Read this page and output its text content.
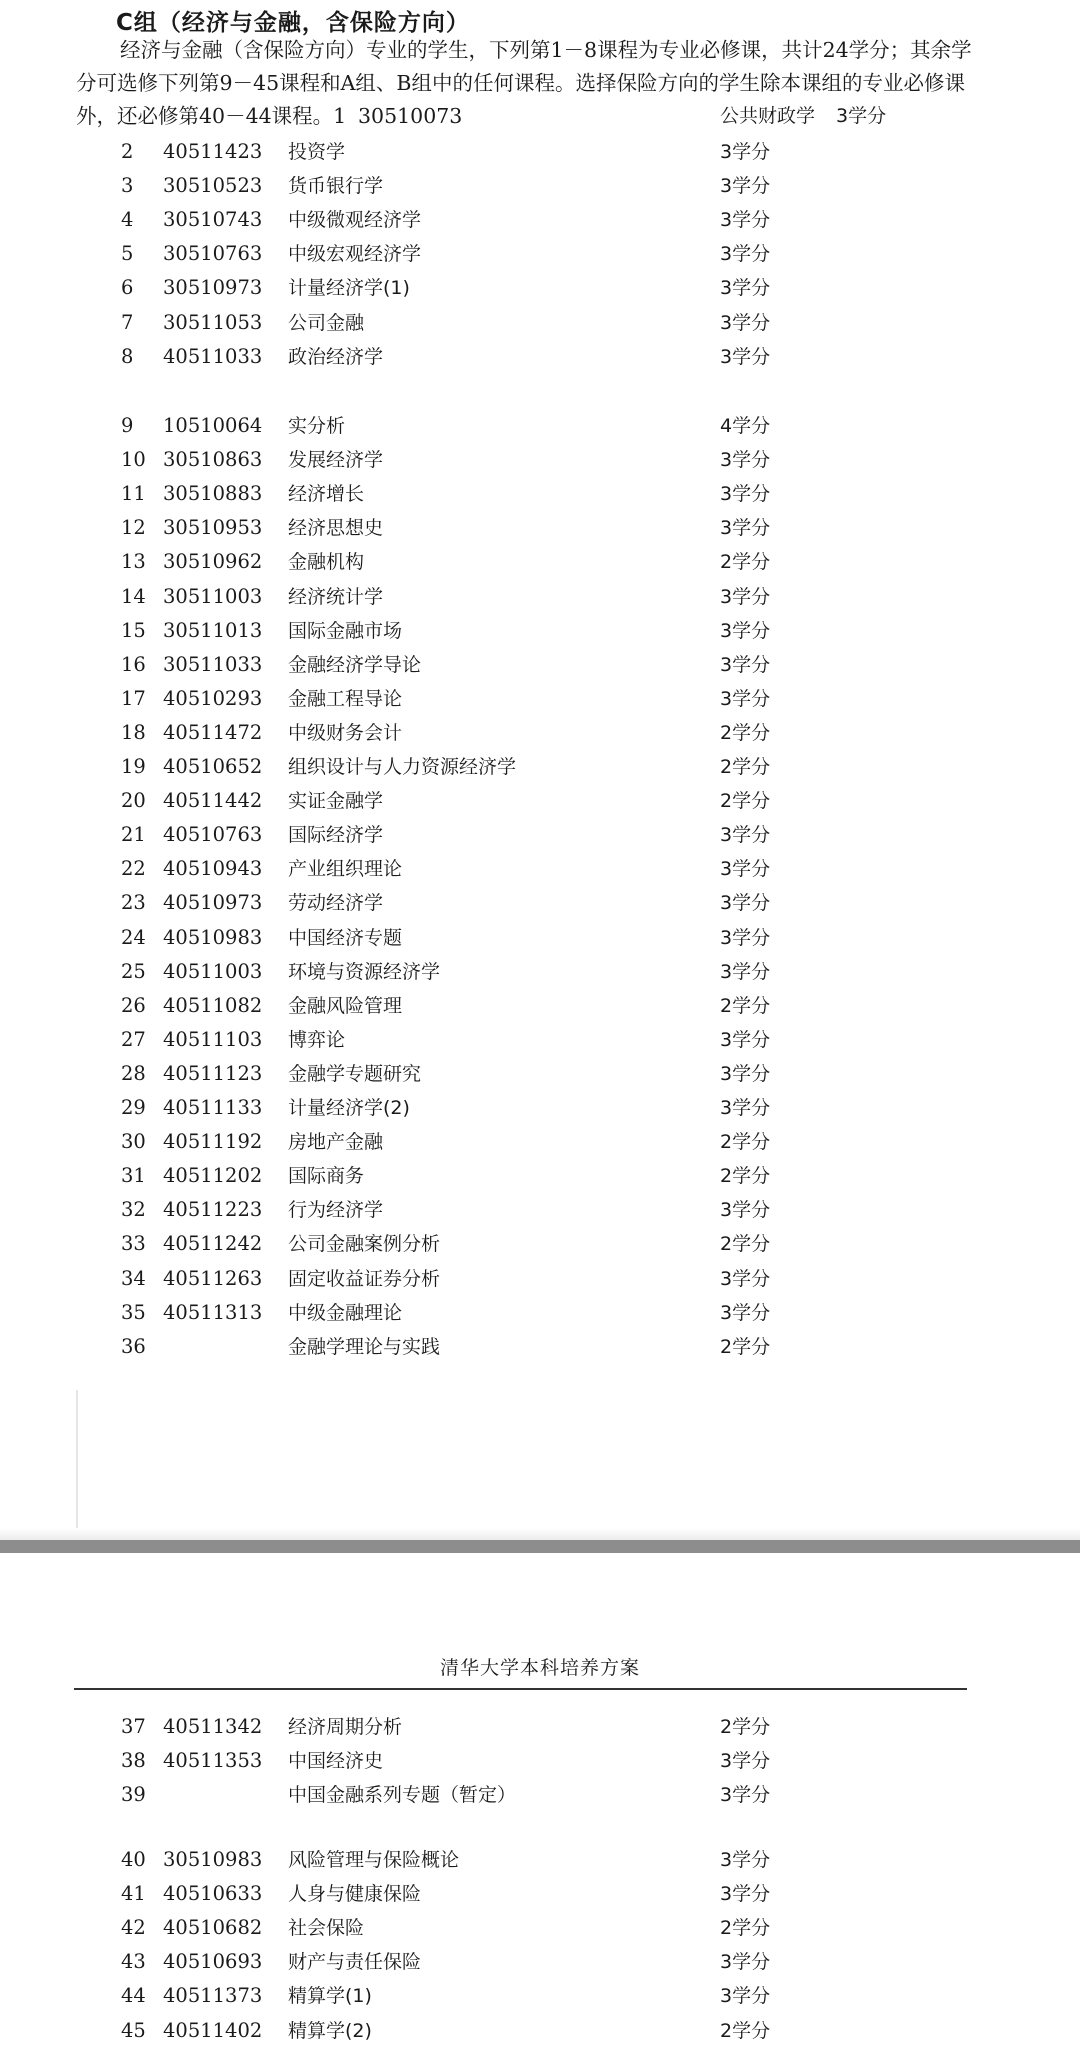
C组（经济与金融，含保险方向）

经济与金融（含保险方向）专业的学生，下列第1－8课程为专业必修课，共计24学分；其余学

分可选修下列第9－45课程和A组、B组中的任何课程。选择保险方向的学生除本课组的专业必修课

外，还必修第40－44课程。1 30510073	公共财政学 3学分
2	40511423	投资学	3学分
3	30510523	货币银行学	3学分
4	30510743	中级微观经济学	3学分
5	30510763	中级宏观经济学	3学分
6	30510973	计量经济学(1)	3学分
7	30511053	公司金融	3学分
8	40511033	政治经济学	3学分
9	10510064	实分析	4学分
10 30510863	发展经济学	3学分
11 30510883	经济增长	3学分
12 30510953	经济思想史	3学分
13 30510962	金融机构	2学分
14 30511003	经济统计学	3学分
15 30511013	国际金融市场	3学分
16 30511033	金融经济学导论	3学分
17 40510293	金融工程导论	3学分
18 40511472	中级财务会计	2学分
19 40510652	组织设计与人力资源经济学	2学分
20 40511442	实证金融学	2学分
21 40510763	国际经济学	3学分
22 40510943	产业组织理论	3学分
23 40510973	劳动经济学	3学分
24 40510983	中国经济专题	3学分
25 40511003	环境与资源经济学	3学分
26 40511082	金融风险管理	2学分
27 40511103	博弈论	3学分
28 40511123	金融学专题研究	3学分
29 40511133	计量经济学(2)	3学分
30 40511192	房地产金融	2学分
31 40511202	国际商务	2学分
32 40511223	行为经济学	3学分
33 40511242	公司金融案例分析	2学分
34 40511263	固定收益证券分析	3学分
35 40511313	中级金融理论	3学分
36	金融学理论与实践	2学分
清华大学本科培养方案
37 40511342	经济周期分析	2学分
38 40511353	中国经济史	3学分
39	中国金融系列专题（暂定）	3学分
40 30510983	风险管理与保险概论	3学分
41 40510633	人身与健康保险	3学分
42 40510682	社会保险	2学分
43 40510693	财产与责任保险	3学分
44 40511373	精算学(1)	3学分
45 40511402	精算学(2)	2学分
